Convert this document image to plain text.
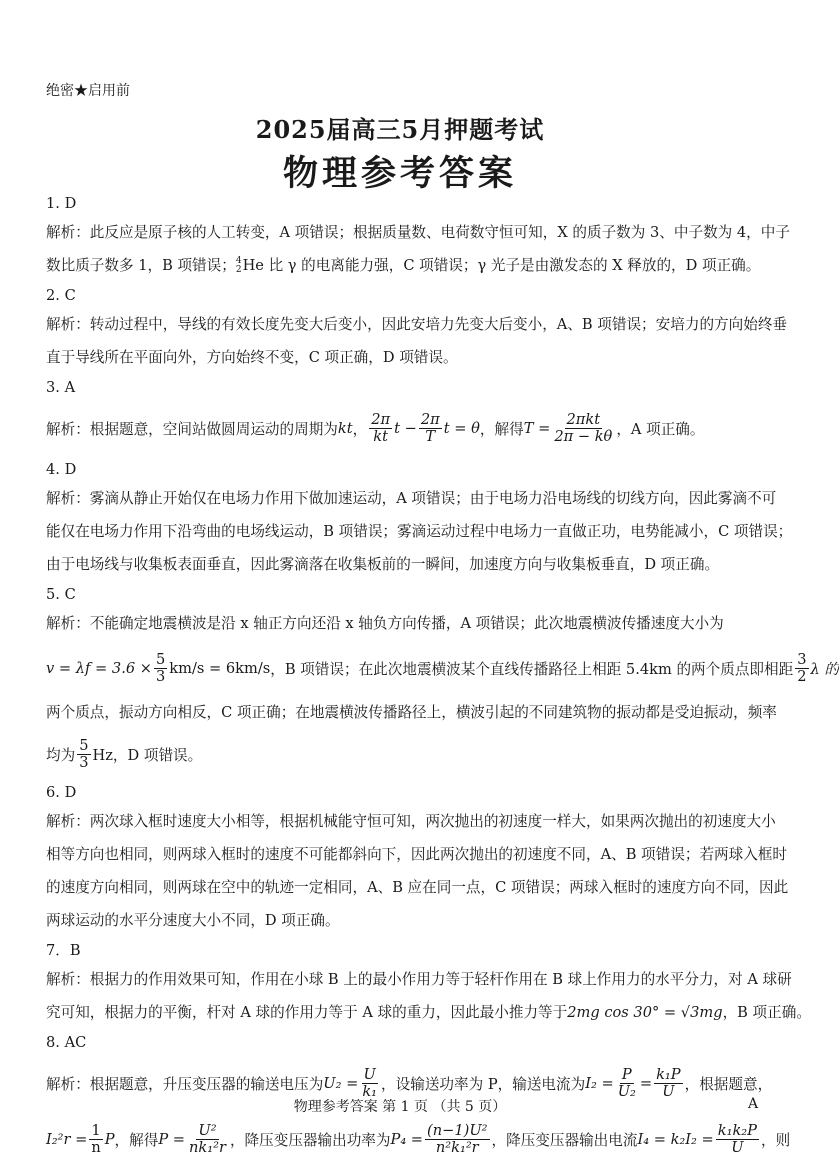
绝密★启用前
2025届高三5月押题考试
物理参考答案
1. D
解析：此反应是原子核的人工转变，A 项错误；根据质量数、电荷数守恒可知，X 的质子数为 3、中子数为 4，中子
数比质子数多 1，B 项错误； 4
2 He 比 γ 的电离能力强，C 项错误；γ 光子是由激发态的 X 释放的，D 项正确。
2. C
解析：转动过程中，导线的有效长度先变大后变小，因此安培力先变大后变小，A、B 项错误；安培力的方向始终垂
直于导线所在平面向外，方向始终不变，C 项正确，D 项错误。
3. A
解析：根据题意，空间站做圆周运动的周期为 kt ， $\frac{2\pi}{kt}$ $t - \frac{2\pi}{T}$ t = θ ，解得 $T = \frac{\text{2πkt}}{2\pi - k\theta}$ ，A 项正确。
4. D
解析：雾滴从静止开始仅在电场力作用下做加速运动，A 项错误；由于电场力沿电场线的切线方向，因此雾滴不可
能仅在电场力作用下沿弯曲的电场线运动，B 项错误；雾滴运动过程中电场力一直做正功，电势能减小，C 项错误；
由于电场线与收集板表面垂直，因此雾滴落在收集板前的一瞬间，加速度方向与收集板垂直，D 项正确。
5. C
解析：不能确定地震横波是沿 x 轴正方向还沿 x 轴负方向传播，A 项错误；此次地震横波传播速度大小为
$v = \lambda f = 3.6 \times \frac{5}{3} km/s = 6km/s$ ，B 项错误；在此次地震横波某个直线传播路径上相距 5.4km 的两个质点即相距 $\frac{3}{2}$ λ 的
两个质点，振动方向相反，C 项正确；在地震横波传播路径上，横波引起的不同建筑物的振动都是受迫振动，频率
均为 $\frac{5}{3}$ Hz，D 项错误。
6. D
解析：两次球入框时速度大小相等，根据机械能守恒可知，两次抛出的初速度一样大，如果两次抛出的初速度大小
相等方向也相同，则两球入框时的速度不可能都斜向下，因此两次抛出的初速度不同，A、B 项错误；若两球入框时
的速度方向相同，则两球在空中的轨迹一定相同，A、B 应在同一点，C 项错误；两球入框时的速度方向不同，因此
两球运动的水平分速度大小不同，D 项正确。
7．B
解析：根据力的作用效果可知，作用在小球 B 上的最小作用力等于轻杆作用在 B 球上作用力的水平分力，对 A 球研
究可知，根据力的平衡，杆对 A 球的作用力等于 A 球的重力，因此最小推力等于2mg cos 30° = √3mg，B 项正确。
8. AC
解析：根据题意，升压变压器的输送电压为 $U_2 = \frac{U}{\text{k₁}}$ ，设输送功率为 P，输送电流为 $I_2 = \frac{P}{\text{U₂}} = \frac{\text{k₁P}}{U}$ ，根据题意，
$I_2^2r = \frac{1}{n}$ P ，解得 $P = \frac{\text{U²}}{\text{nk₁²r}}$ ，降压变压器输出功率为 $P_4 = \frac{\text{(n−1)U²}}{\text{n²k₁²r}}$ ，降压变压器输出电流 $I_4 = k_2I_2 = \frac{\text{k₁k₂P}}{U}$ ，则
物理参考答案 第 1 页 （共 5 页）	A
